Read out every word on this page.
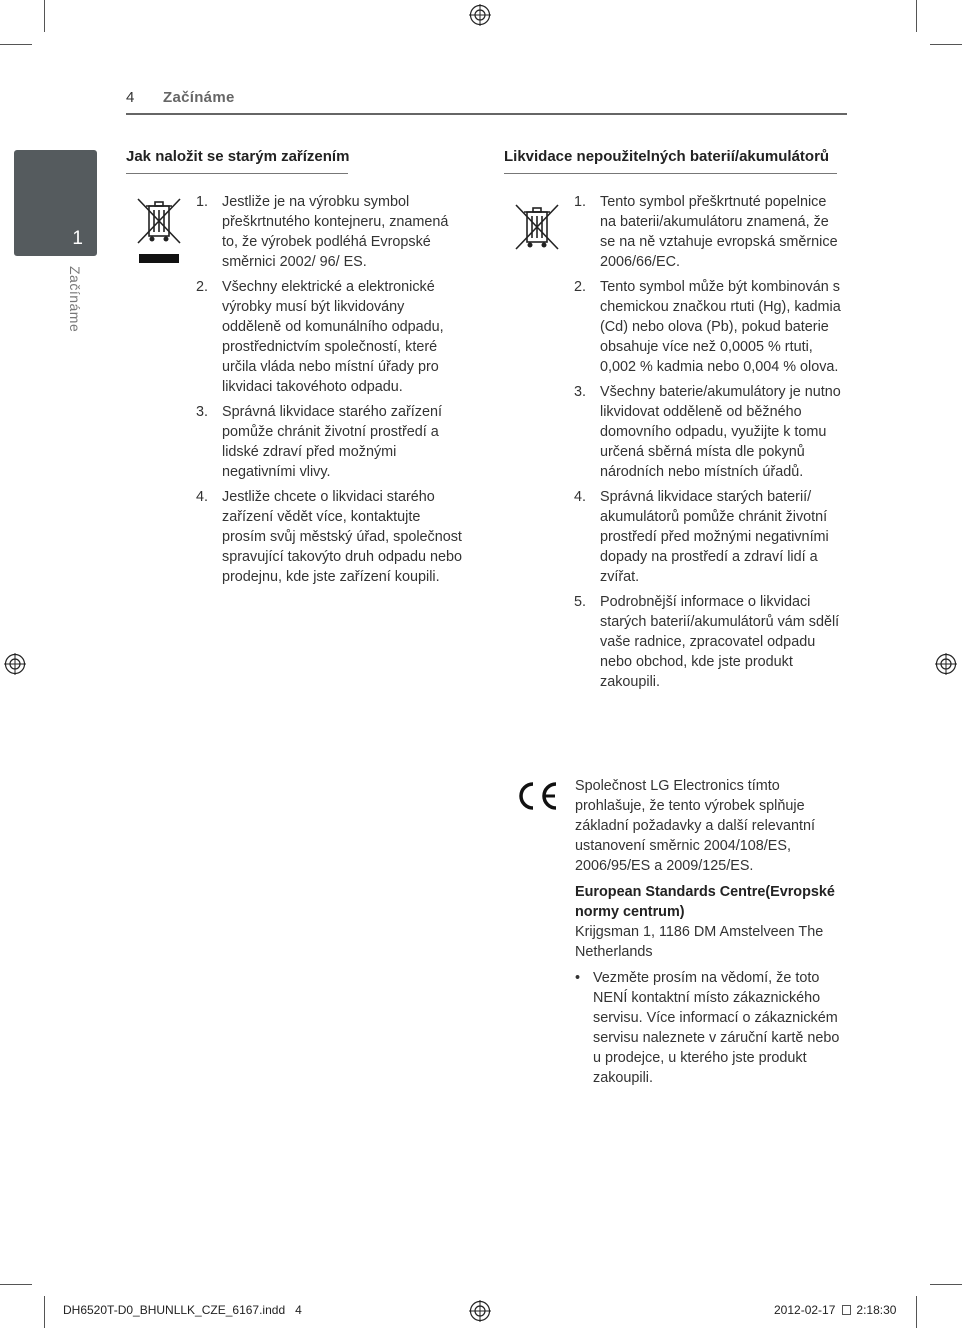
4 Začínáme
1
Začínáme
Jak naložit se starým zařízením
1. Jestliže je na výrobku symbol přeškrtnutého kontejneru, znamená to, že výrobek podléhá Evropské směrnici 2002/ 96/ ES.
2. Všechny elektrické a elektronické výrobky musí být likvidovány odděleně od komunálního odpadu, prostřednictvím společností, které určila vláda nebo místní úřady pro likvidaci takovéhoto odpadu.
3. Správná likvidace starého zařízení pomůže chránit životní prostředí a lidské zdraví před možnými negativními vlivy.
4. Jestliže chcete o likvidaci starého zařízení vědět více, kontaktujte prosím svůj městský úřad, společnost spravující takovýto druh odpadu nebo prodejnu, kde jste zařízení koupili.
Likvidace nepoužitelných baterií/akumulátorů
1. Tento symbol přeškrtnuté popelnice na baterii/akumulátoru znamená, že se na ně vztahuje evropská směrnice 2006/66/EC.
2. Tento symbol může být kombinován s chemickou značkou rtuti (Hg), kadmia (Cd) nebo olova (Pb), pokud baterie obsahuje více než 0,0005 % rtuti, 0,002 % kadmia nebo 0,004 % olova.
3. Všechny baterie/akumulátory je nutno likvidovat odděleně od běžného domovního odpadu, využijte k tomu určená sběrná místa dle pokynů národních nebo místních úřadů.
4. Správná likvidace starých baterií/ akumulátorů pomůže chránit životní prostředí před možnými negativními dopady na prostředí a zdraví lidí a zvířat.
5. Podrobnější informace o likvidaci starých baterií/akumulátorů vám sdělí vaše radnice, zpracovatel odpadu nebo obchod, kde jste produkt zakoupili.
Společnost LG Electronics tímto prohlašuje, že tento výrobek splňuje základní požadavky a další relevantní ustanovení směrnic 2004/108/ES, 2006/95/ES a 2009/125/ES.
European Standards Centre(Evropské normy centrum)
Krijgsman 1, 1186 DM Amstelveen The Netherlands
• Vezměte prosím na vědomí, že toto NENÍ kontaktní místo zákaznického servisu. Více informací o zákaznickém servisu naleznete v záruční kartě nebo u prodejce, u kterého jste produkt zakoupili.
DH6520T-D0_BHUNLLK_CZE_6167.indd   4	2012-02-17 2:18:30
